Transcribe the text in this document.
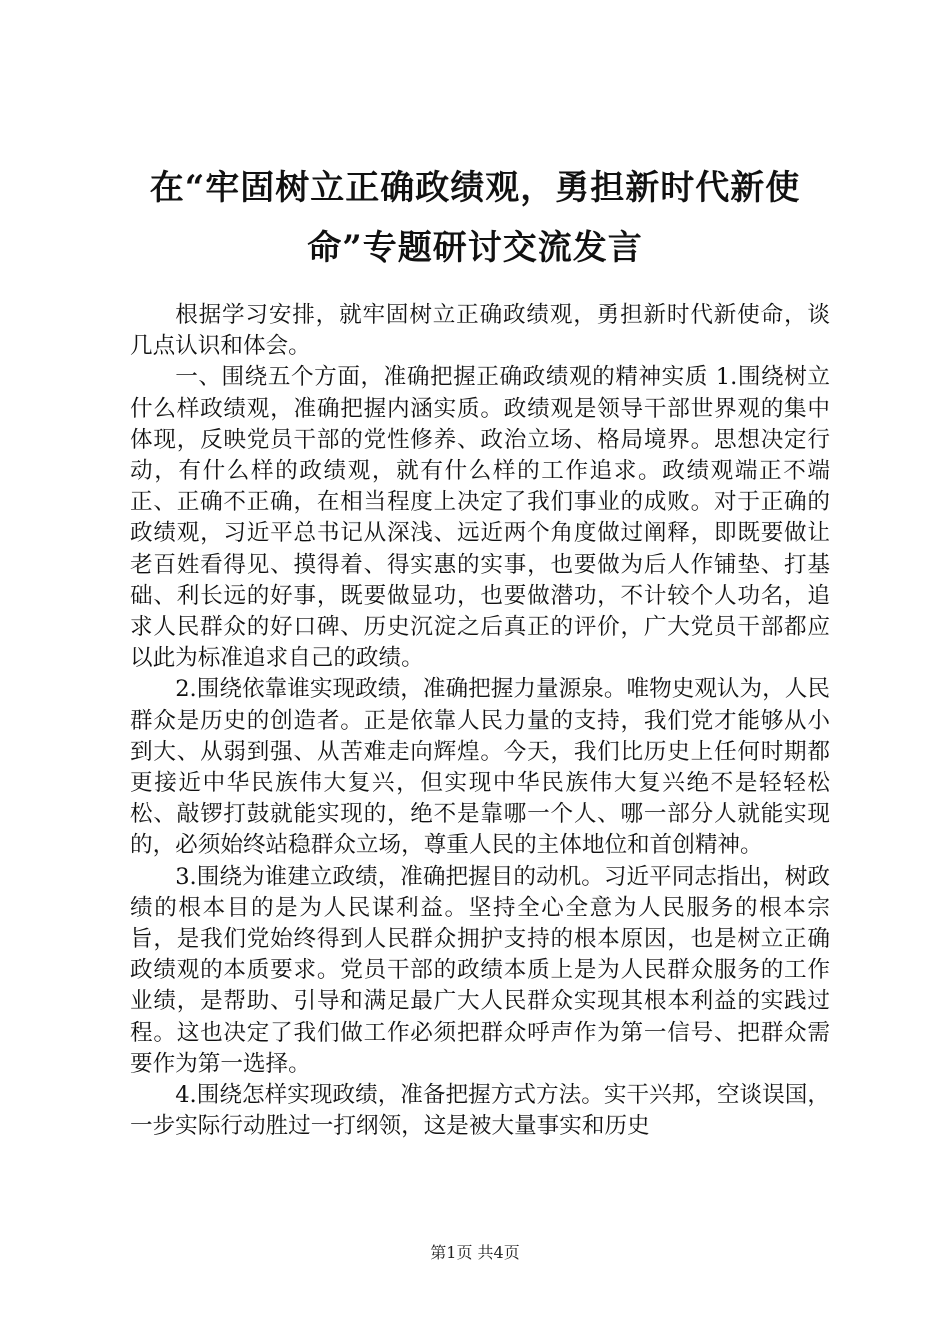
在“牢固树立正确政绩观，勇担新时代新使
命”专题研讨交流发言

根据学习安排，就牢固树立正确政绩观，勇担新时代新使命，谈几点认识和体会。

一、围绕五个方面，准确把握正确政绩观的精神实质 1.围绕树立什么样政绩观，准确把握内涵实质。政绩观是领导干部世界观的集中体现，反映党员干部的党性修养、政治立场、格局境界。思想决定行动，有什么样的政绩观，就有什么样的工作追求。政绩观端正不端正、正确不正确，在相当程度上决定了我们事业的成败。对于正确的政绩观，习近平总书记从深浅、远近两个角度做过阐释，即既要做让老百姓看得见、摸得着、得实惠的实事，也要做为后人作铺垫、打基础、利长远的好事，既要做显功，也要做潜功，不计较个人功名，追求人民群众的好口碑、历史沉淀之后真正的评价，广大党员干部都应以此为标准追求自己的政绩。

2.围绕依靠谁实现政绩，准确把握力量源泉。唯物史观认为，人民群众是历史的创造者。正是依靠人民力量的支持，我们党才能够从小到大、从弱到强、从苦难走向辉煌。今天，我们比历史上任何时期都更接近中华民族伟大复兴，但实现中华民族伟大复兴绝不是轻轻松松、敲锣打鼓就能实现的，绝不是靠哪一个人、哪一部分人就能实现的，必须始终站稳群众立场，尊重人民的主体地位和首创精神。

3.围绕为谁建立政绩，准确把握目的动机。习近平同志指出，树政绩的根本目的是为人民谋利益。坚持全心全意为人民服务的根本宗旨，是我们党始终得到人民群众拥护支持的根本原因，也是树立正确政绩观的本质要求。党员干部的政绩本质上是为人民群众服务的工作业绩，是帮助、引导和满足最广大人民群众实现其根本利益的实践过程。这也决定了我们做工作必须把群众呼声作为第一信号、把群众需要作为第一选择。

4.围绕怎样实现政绩，准备把握方式方法。实干兴邦，空谈误国，一步实际行动胜过一打纲领，这是被大量事实和历史

第1页 共4页
